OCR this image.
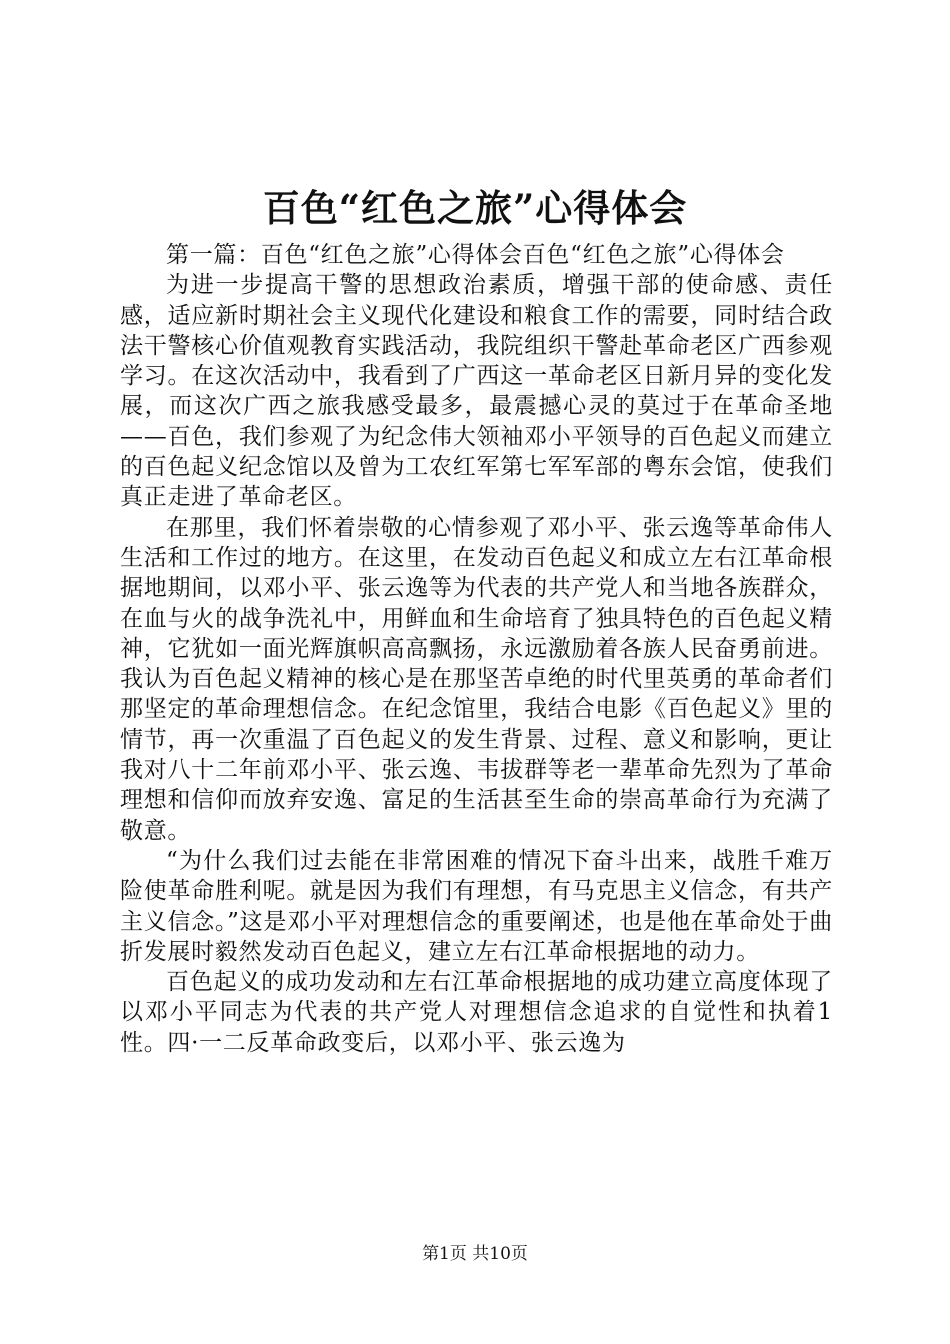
百色“红色之旅”心得体会

第一篇：百色“红色之旅”心得体会百色“红色之旅”心得体会

为进一步提高干警的思想政治素质，增强干部的使命感、责任感，适应新时期社会主义现代化建设和粮食工作的需要，同时结合政法干警核心价值观教育实践活动，我院组织干警赴革命老区广西参观学习。在这次活动中，我看到了广西这一革命老区日新月异的变化发展，而这次广西之旅我感受最多，最震撼心灵的莫过于在革命圣地——百色，我们参观了为纪念伟大领袖邓小平领导的百色起义而建立的百色起义纪念馆以及曾为工农红军第七军军部的粤东会馆，使我们真正走进了革命老区。

在那里，我们怀着崇敬的心情参观了邓小平、张云逸等革命伟人生活和工作过的地方。在这里，在发动百色起义和成立左右江革命根据地期间，以邓小平、张云逸等为代表的共产党人和当地各族群众，在血与火的战争洗礼中，用鲜血和生命培育了独具特色的百色起义精神，它犹如一面光辉旗帜高高飘扬，永远激励着各族人民奋勇前进。我认为百色起义精神的核心是在那坚苦卓绝的时代里英勇的革命者们那坚定的革命理想信念。在纪念馆里，我结合电影《百色起义》里的情节，再一次重温了百色起义的发生背景、过程、意义和影响，更让我对八十二年前邓小平、张云逸、韦拔群等老一辈革命先烈为了革命理想和信仰而放弃安逸、富足的生活甚至生命的崇高革命行为充满了敬意。

“为什么我们过去能在非常困难的情况下奋斗出来，战胜千难万险使革命胜利呢。就是因为我们有理想，有马克思主义信念，有共产主义信念。”这是邓小平对理想信念的重要阐述，也是他在革命处于曲折发展时毅然发动百色起义，建立左右江革命根据地的动力。

百色起义的成功发动和左右江革命根据地的成功建立高度体现了以邓小平同志为代表的共产党人对理想信念追求的自觉性和执着1性。四·一二反革命政变后，以邓小平、张云逸为

第1页 共10页
